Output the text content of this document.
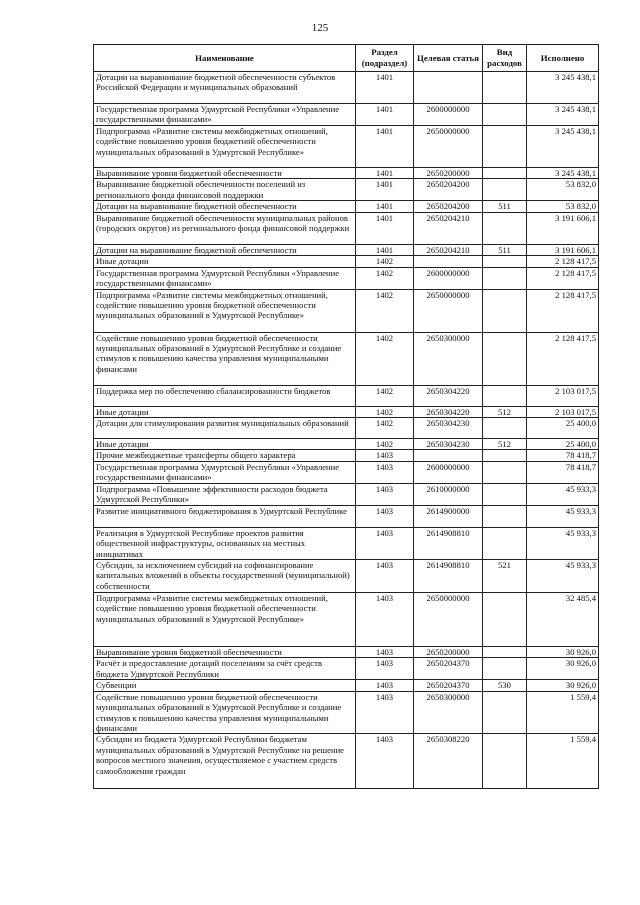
125
Наименование	Раздел (подраздел)	Целевая статья	Вид расходов	Исполнено
Дотации на выравнивание бюджетной обеспеченности субъектов Российской Федерации и муниципальных образований	1401			3 245 438,1
Государственная программа Удмуртской Республики «Управление государственными финансами»	1401	2600000000		3 245 438,1
Подпрограмма «Развитие системы межбюджетных отношений, содействие повышению уровня бюджетной обеспеченности муниципальных образований в Удмуртской Республике»	1401	2650000000		3 245 438,1
Выравнивание уровня бюджетной обеспеченности	1401	2650200000		3 245 438,1
Выравнивание бюджетной обеспеченности поселений из регионального фонда финансовой поддержки	1401	2650204200		53 832,0
Дотации на выравнивание бюджетной обеспеченности	1401	2650204200	511	53 832,0
Выравнивание бюджетной обеспеченности муниципальных районов (городских округов) из регионального фонда финансовой поддержки	1401	2650204210		3 191 606,1
Дотации на выравнивание бюджетной обеспеченности	1401	2650204210	511	3 191 606,1
Иные дотации	1402			2 128 417,5
Государственная программа Удмуртской Республики «Управление государственными финансами»	1402	2600000000		2 128 417,5
Подпрограмма «Развитие системы межбюджетных отношений, содействие повышению уровня бюджетной обеспеченности муниципальных образований в Удмуртской Республике»	1402	2650000000		2 128 417,5
Содействие повышению уровня бюджетной обеспеченности муниципальных образований в Удмуртской Республике и создание стимулов к повышению качества управления муниципальными финансами	1402	2650300000		2 128 417,5
Поддержка мер по обеспечению сбалансированности бюджетов	1402	2650304220		2 103 017,5
Иные дотации	1402	2650304220	512	2 103 017,5
Дотации для стимулирования развития муниципальных образований	1402	2650304230		25 400,0
Иные дотации	1402	2650304230	512	25 400,0
Прочие межбюджетные трансферты общего характера	1403			78 418,7
Государственная программа Удмуртской Республики «Управление государственными финансами»	1403	2600000000		78 418,7
Подпрограмма «Повышение эффективности расходов бюджета Удмуртской Республики»	1403	2610000000		45 933,3
Развитие инициативного бюджетирования в Удмуртской Республике	1403	2614900000		45 933,3
Реализация в Удмуртской Республике проектов развития общественной инфраструктуры, основанных на местных инициативах	1403	2614908810		45 933,3
Субсидии, за исключением субсидий на софинансирование капитальных вложений в объекты государственной (муниципальной) собственности	1403	2614908810	521	45 933,3
Подпрограмма «Развитие системы межбюджетных отношений, содействие повышению уровня бюджетной обеспеченности муниципальных образований в Удмуртской Республике»	1403	2650000000		32 485,4
Выравнивание уровня бюджетной обеспеченности	1403	2650200000		30 926,0
Расчёт и предоставление дотаций поселениям за счёт средств бюджета Удмуртской Республики	1403	2650204370		30 926,0
Субвенции	1403	2650204370	530	30 926,0
Содействие повышению уровня бюджетной обеспеченности муниципальных образований в Удмуртской Республике и создание стимулов к повышению качества управления муниципальными финансами	1403	2650300000		1 559,4
Субсидии из бюджета Удмуртской Республики бюджетам муниципальных образований в Удмуртской Республике на решение вопросов местного значения, осуществляемое с участием средств самообложения граждан	1403	2650308220		1 559,4
